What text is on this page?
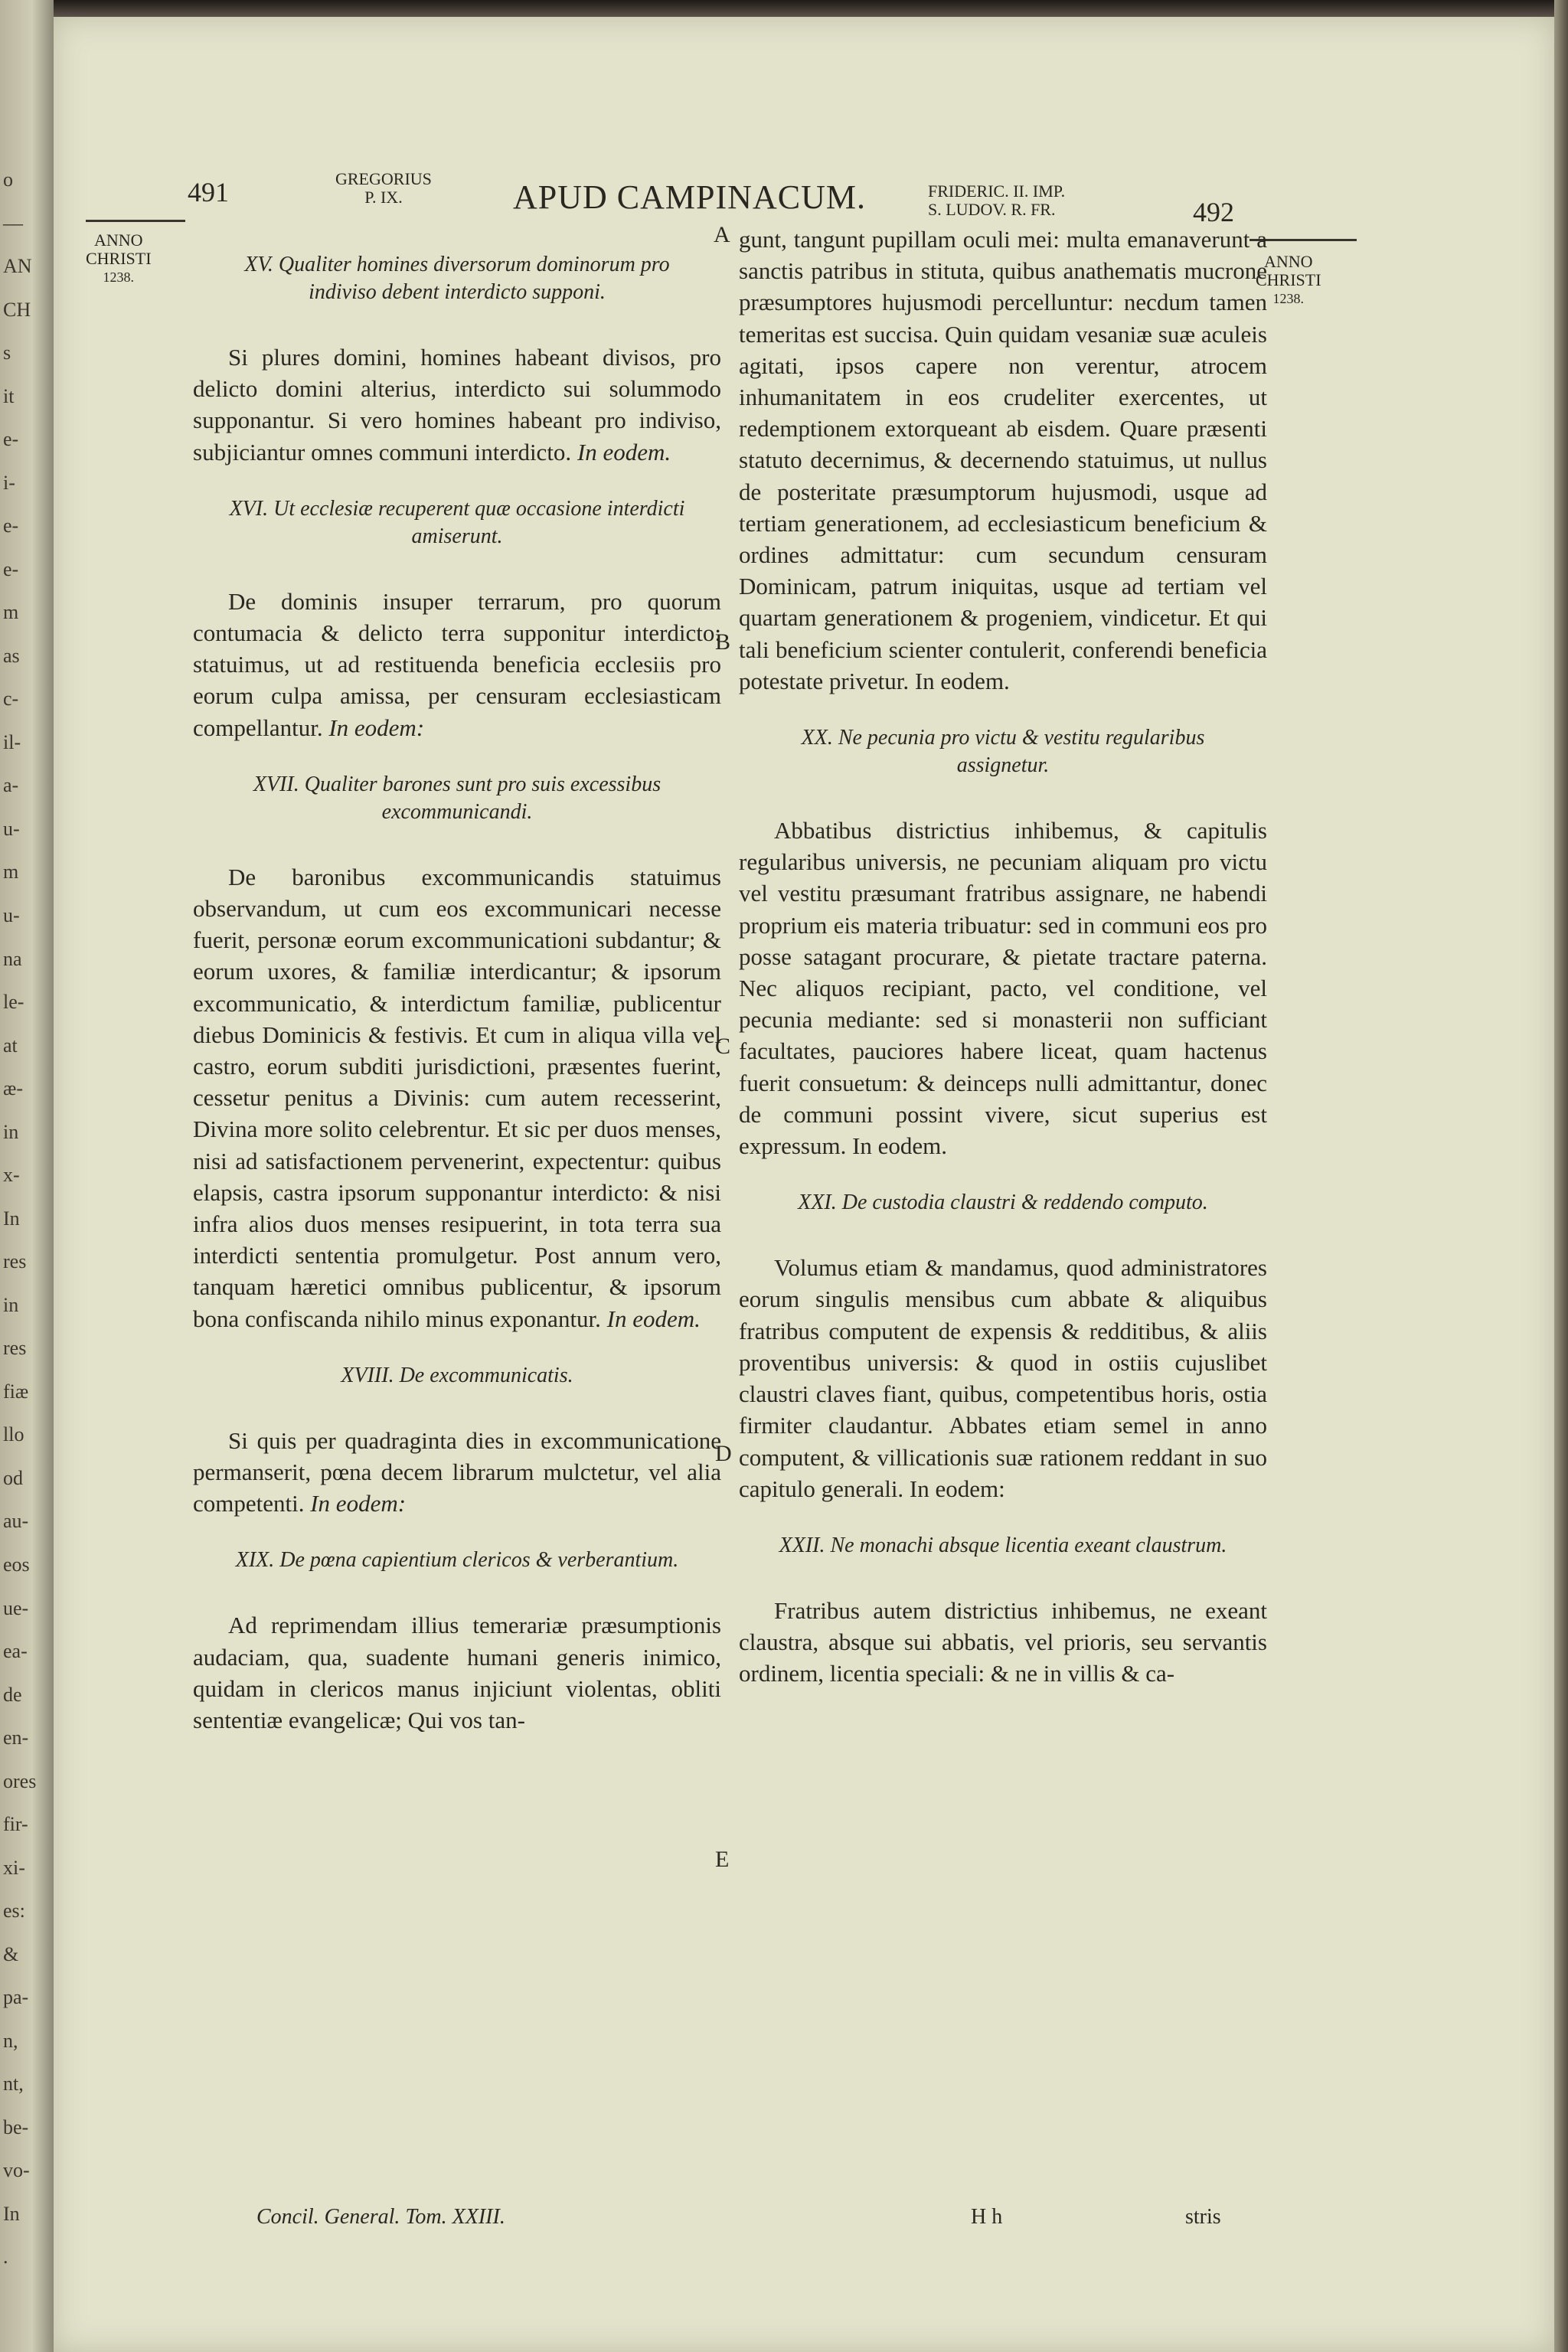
o
—
AN
CH
s
it
e-
i-
e-
e-
m
as
c-
il-
a-
u-
m
u-
na
le-
at
æ-
in
x-
In
res
in
res
fiæ
llo
od
au-
eos
ue-
ea-
de
en-
ores
fir-
xi-
es:
&
pa-
n,
nt,
be-
vo-
In
.
491	GREGORIUS
P. IX.	APUD CAMPINACUM.	FRIDERIC. II. IMP.
S. LUDOV. R. FR.	492
ANNO
CHRISTI
1238.
ANNO
CHRISTI
1238.
A
B
C
D
E

XV. Qualiter homines diversorum dominorum pro indiviso debent interdicto supponi.

Si plures domini, homines habeant divisos, pro delicto domini alterius, interdicto sui solummodo supponantur. Si vero homines habeant pro indiviso, subjiciantur omnes communi interdicto. In eodem.

XVI. Ut ecclesiæ recuperent quæ occasione interdicti amiserunt.

De dominis insuper terrarum, pro quorum contumacia & delicto terra supponitur interdicto: statuimus, ut ad restituenda beneficia ecclesiis pro eorum culpa amissa, per censuram ecclesiasticam compellantur. In eodem:

XVII. Qualiter barones sunt pro suis excessibus excommunicandi.

De baronibus excommunicandis statuimus observandum, ut cum eos excommunicari necesse fuerit, personæ eorum excommunicationi subdantur; & eorum uxores, & familiæ interdicantur; & ipsorum excommunicatio, & interdictum familiæ, publicentur diebus Dominicis & festivis. Et cum in aliqua villa vel castro, eorum subditi jurisdictioni, præsentes fuerint, cessetur penitus a Divinis: cum autem recesserint, Divina more solito celebrentur. Et sic per duos menses, nisi ad satisfactionem pervenerint, expectentur: quibus elapsis, castra ipsorum supponantur interdicto: & nisi infra alios duos menses resipuerint, in tota terra sua interdicti sententia promulgetur. Post annum vero, tanquam hæretici omnibus publicentur, & ipsorum bona confiscanda nihilo minus exponantur. In eodem.

XVIII. De excommunicatis.

Si quis per quadraginta dies in excommunicatione permanserit, pœna decem librarum mulctetur, vel alia competenti. In eodem:

XIX. De pœna capientium clericos & verberantium.

Ad reprimendam illius temerariæ præsumptionis audaciam, qua, suadente humani generis inimico, quidam in clericos manus injiciunt violentas, obliti sententiæ evangelicæ; Qui vos tan-

gunt, tangunt pupillam oculi mei: multa emanaverunt a sanctis patribus in stituta, quibus anathematis mucrone præsumptores hujusmodi percelluntur: necdum tamen temeritas est succisa. Quin quidam vesaniæ suæ aculeis agitati, ipsos capere non verentur, atrocem inhumanitatem in eos crudeliter exercentes, ut redemptionem extorqueant ab eisdem. Quare præsenti statuto decernimus, & decernendo statuimus, ut nullus de posteritate præsumptorum hujusmodi, usque ad tertiam generationem, ad ecclesiasticum beneficium & ordines admittatur: cum secundum censuram Dominicam, patrum iniquitas, usque ad tertiam vel quartam generationem & progeniem, vindicetur. Et qui tali beneficium scienter contulerit, conferendi beneficia potestate privetur. In eodem.

XX. Ne pecunia pro victu & vestitu regularibus assignetur.

Abbatibus districtius inhibemus, & capitulis regularibus universis, ne pecuniam aliquam pro victu vel vestitu præsumant fratribus assignare, ne habendi proprium eis materia tribuatur: sed in communi eos pro posse satagant procurare, & pietate tractare paterna. Nec aliquos recipiant, pacto, vel conditione, vel pecunia mediante: sed si monasterii non sufficiant facultates, pauciores habere liceat, quam hactenus fuerit consuetum: & deinceps nulli admittantur, donec de communi possint vivere, sicut superius est expressum. In eodem.

XXI. De custodia claustri & reddendo computo.

Volumus etiam & mandamus, quod administratores eorum singulis mensibus cum abbate & aliquibus fratribus computent de expensis & redditibus, & aliis proventibus universis: & quod in ostiis cujuslibet claustri claves fiant, quibus, competentibus horis, ostia firmiter claudantur. Abbates etiam semel in anno computent, & villicationis suæ rationem reddant in suo capitulo generali. In eodem:

XXII. Ne monachi absque licentia exeant claustrum.

Fratribus autem districtius inhibemus, ne exeant claustra, absque sui abbatis, vel prioris, seu servantis ordinem, licentia speciali: & ne in villis & ca-

Concil. General. Tom. XXIII.	H h	stris
